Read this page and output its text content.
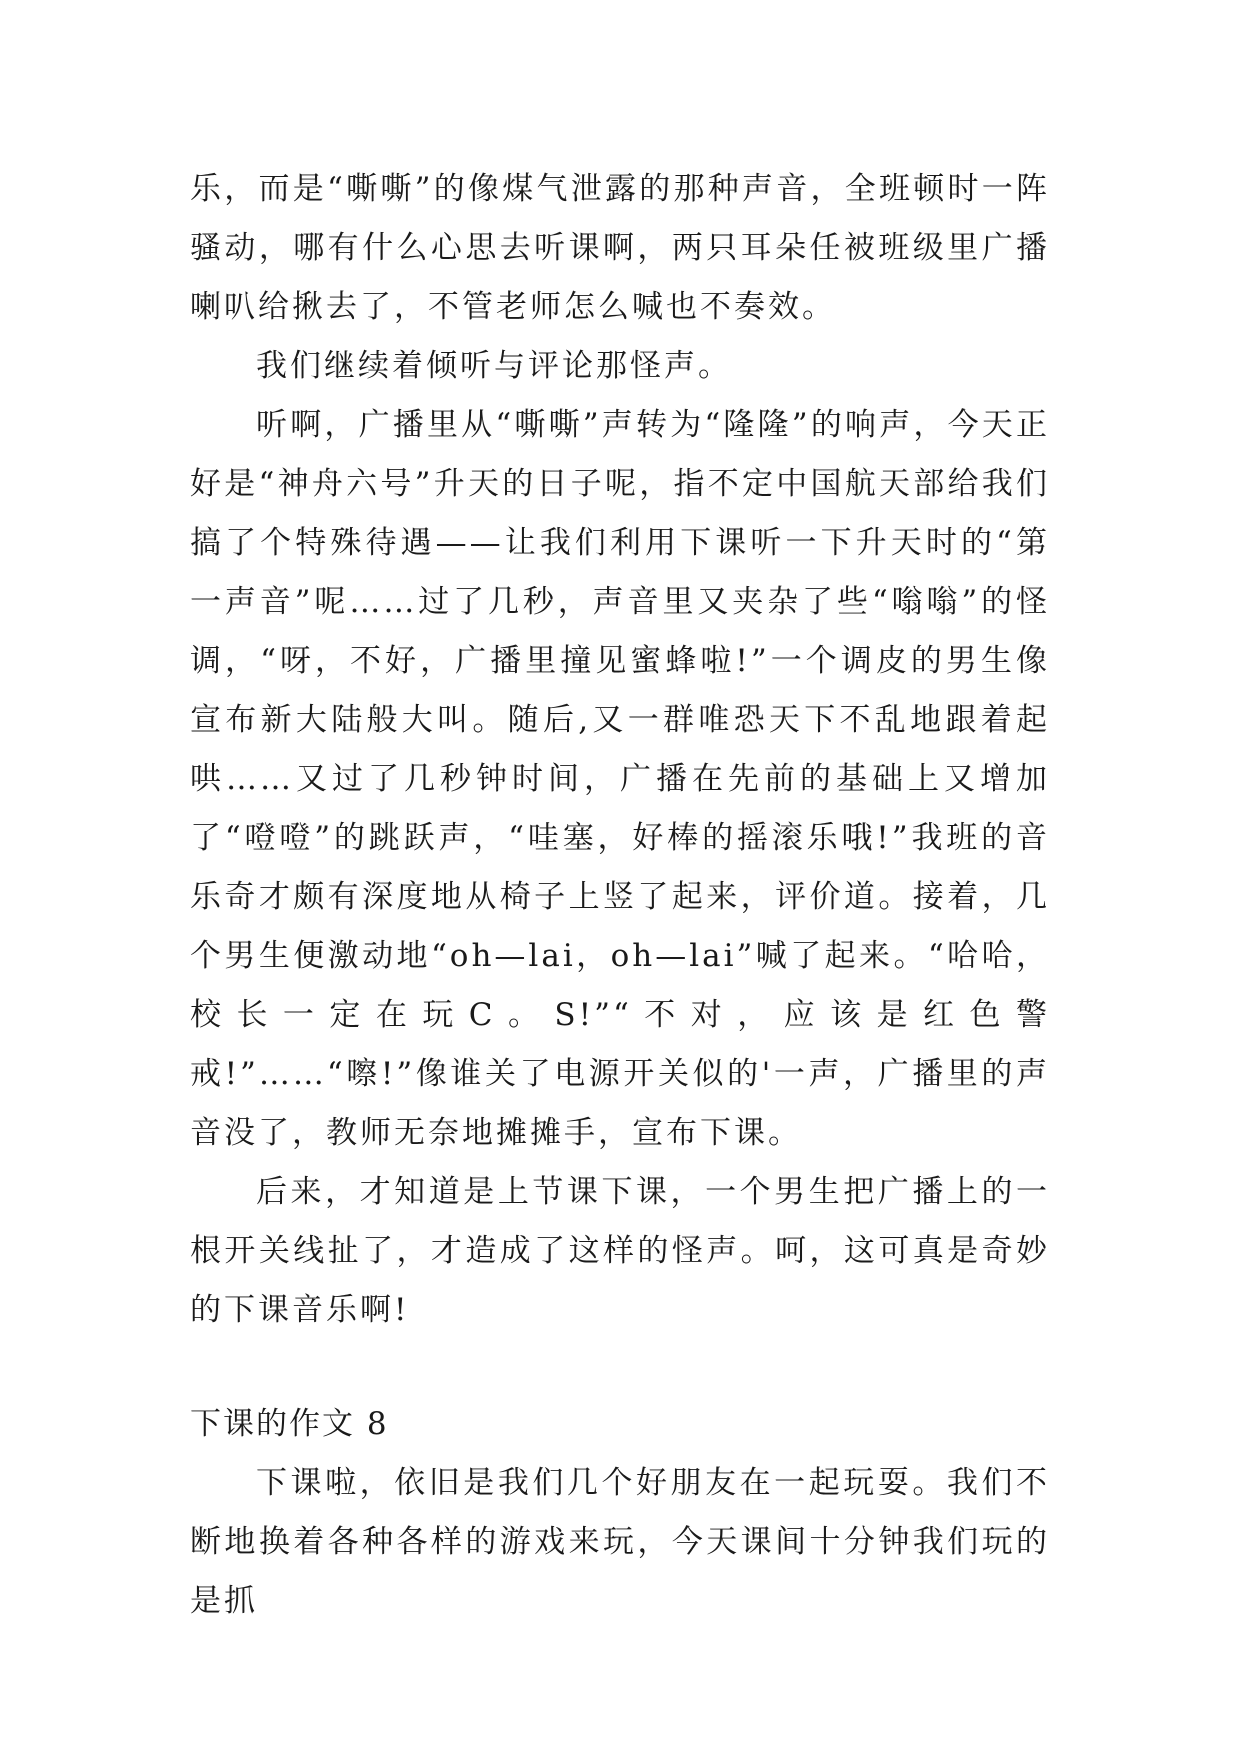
乐，而是“嘶嘶”的像煤气泄露的那种声音，全班顿时一阵骚动，哪有什么心思去听课啊，两只耳朵任被班级里广播喇叭给揪去了，不管老师怎么喊也不奏效。

我们继续着倾听与评论那怪声。

听啊，广播里从“嘶嘶”声转为“隆隆”的响声，今天正好是“神舟六号”升天的日子呢，指不定中国航天部给我们搞了个特殊待遇——让我们利用下课听一下升天时的“第一声音”呢……过了几秒，声音里又夹杂了些“嗡嗡”的怪调，“呀，不好，广播里撞见蜜蜂啦!”一个调皮的男生像宣布新大陆般大叫。随后,又一群唯恐天下不乱地跟着起哄……又过了几秒钟时间，广播在先前的基础上又增加了“噔噔”的跳跃声，“哇塞，好棒的摇滚乐哦!”我班的音乐奇才颇有深度地从椅子上竖了起来，评价道。接着，几个男生便激动地“oh—lai，oh—lai”喊了起来。“哈哈，校长一定在玩C。S!”“不对，应该是红色警戒!”……“嚓!”像谁关了电源开关似的'一声，广播里的声音没了，教师无奈地摊摊手，宣布下课。

后来，才知道是上节课下课，一个男生把广播上的一根开关线扯了，才造成了这样的怪声。呵，这可真是奇妙的下课音乐啊!

下课的作文 8

下课啦，依旧是我们几个好朋友在一起玩耍。我们不断地换着各种各样的游戏来玩，今天课间十分钟我们玩的是抓
